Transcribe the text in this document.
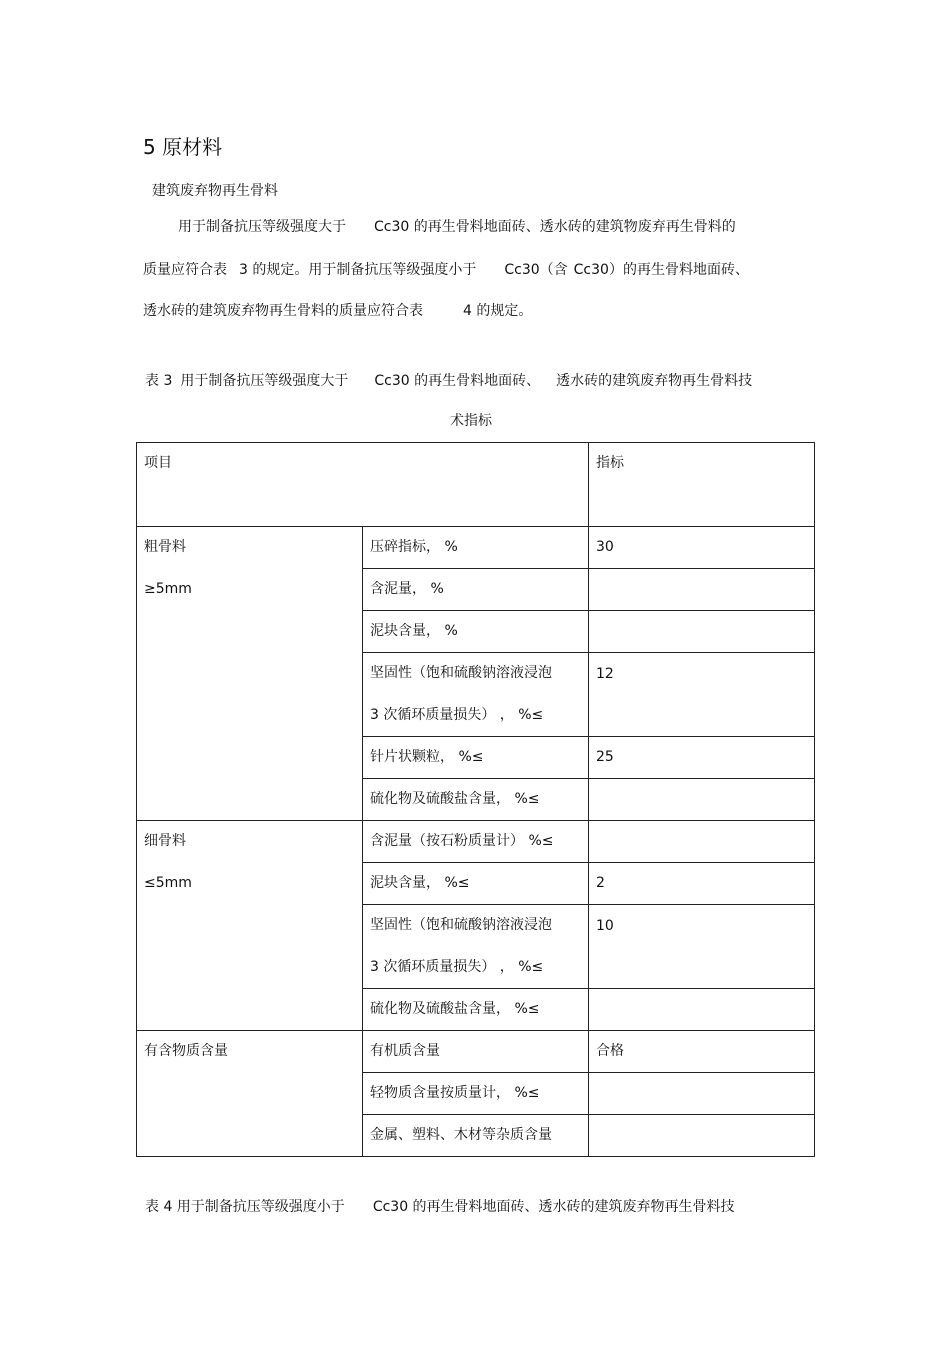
5 原材料
建筑废弃物再生骨料
用于制备抗压等级强度大于 Cc30 的再生骨料地面砖、透水砖的建筑物废弃再生骨料的
质量应符合表 3 的规定。用于制备抗压等级强度小于 Cc30（含 Cc30）的再生骨料地面砖、
透水砖的建筑废弃物再生骨料的质量应符合表	4 的规定。
表 3 用于制备抗压等级强度大于 Cc30 的再生骨料地面砖、 透水砖的建筑废弃物再生骨料技
术指标
项目		指标

粗骨料
≥5mm	压碎指标， %	30

	含泥量， %	

	泥块含量， %	

	坚固性（饱和硫酸钠溶液浸泡
3 次循环质量损失） ， %≤	12

	针片状颗粒， %≤	25

	硫化物及硫酸盐含量， %≤	

细骨料
≤5mm	含泥量（按石粉质量计） %≤	

	泥块含量， %≤	2

	坚固性（饱和硫酸钠溶液浸泡
3 次循环质量损失） ， %≤	10

	硫化物及硫酸盐含量， %≤	

有含物质含量	有机质含量	合格

	轻物质含量按质量计， %≤	

	金属、塑料、木材等杂质含量	

表 4 用于制备抗压等级强度小于 Cc30 的再生骨料地面砖、透水砖的建筑废弃物再生骨料技
